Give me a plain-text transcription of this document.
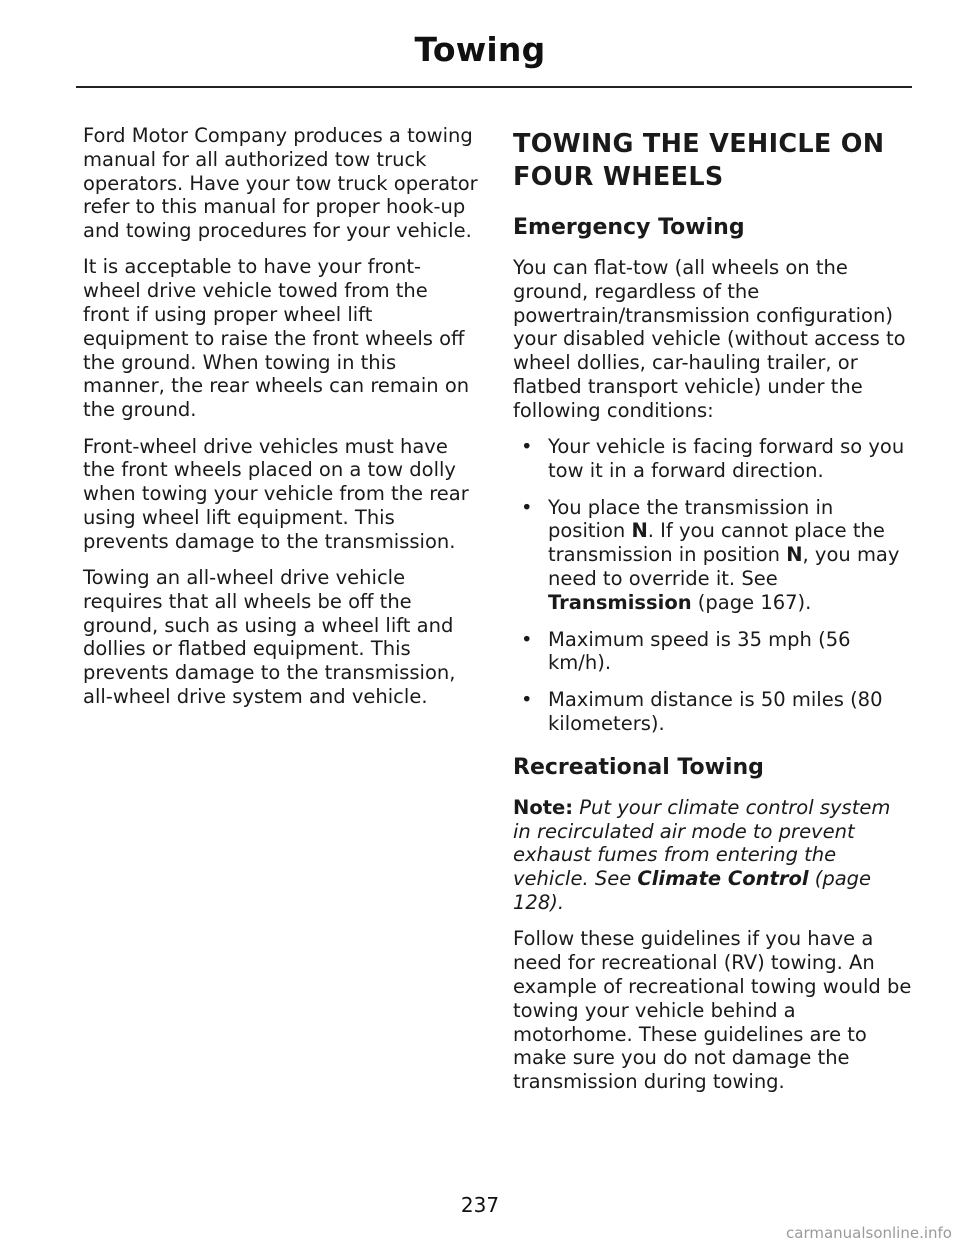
Towing

Ford Motor Company produces a towing manual for all authorized tow truck operators. Have your tow truck operator refer to this manual for proper hook-up and towing procedures for your vehicle.

It is acceptable to have your front-wheel drive vehicle towed from the front if using proper wheel lift equipment to raise the front wheels off the ground. When towing in this manner, the rear wheels can remain on the ground.

Front-wheel drive vehicles must have the front wheels placed on a tow dolly when towing your vehicle from the rear using wheel lift equipment. This prevents damage to the transmission.

Towing an all-wheel drive vehicle requires that all wheels be off the ground, such as using a wheel lift and dollies or flatbed equipment. This prevents damage to the transmission, all-wheel drive system and vehicle.

TOWING THE VEHICLE ON
FOUR WHEELS
Emergency Towing

You can flat-tow (all wheels on the ground, regardless of the powertrain/transmission configuration) your disabled vehicle (without access to wheel dollies, car-hauling trailer, or flatbed transport vehicle) under the following conditions:

• Your vehicle is facing forward so you tow it in a forward direction.
• You place the transmission in position N. If you cannot place the transmission in position N, you may need to override it. See Transmission (page 167).
• Maximum speed is 35 mph (56 km/h).
• Maximum distance is 50 miles (80 kilometers).
Recreational Towing

Note: Put your climate control system in recirculated air mode to prevent exhaust fumes from entering the vehicle. See Climate Control (page 128).

Follow these guidelines if you have a need for recreational (RV) towing. An example of recreational towing would be towing your vehicle behind a motorhome. These guidelines are to make sure you do not damage the transmission during towing.

237
carmanualsonline.info
